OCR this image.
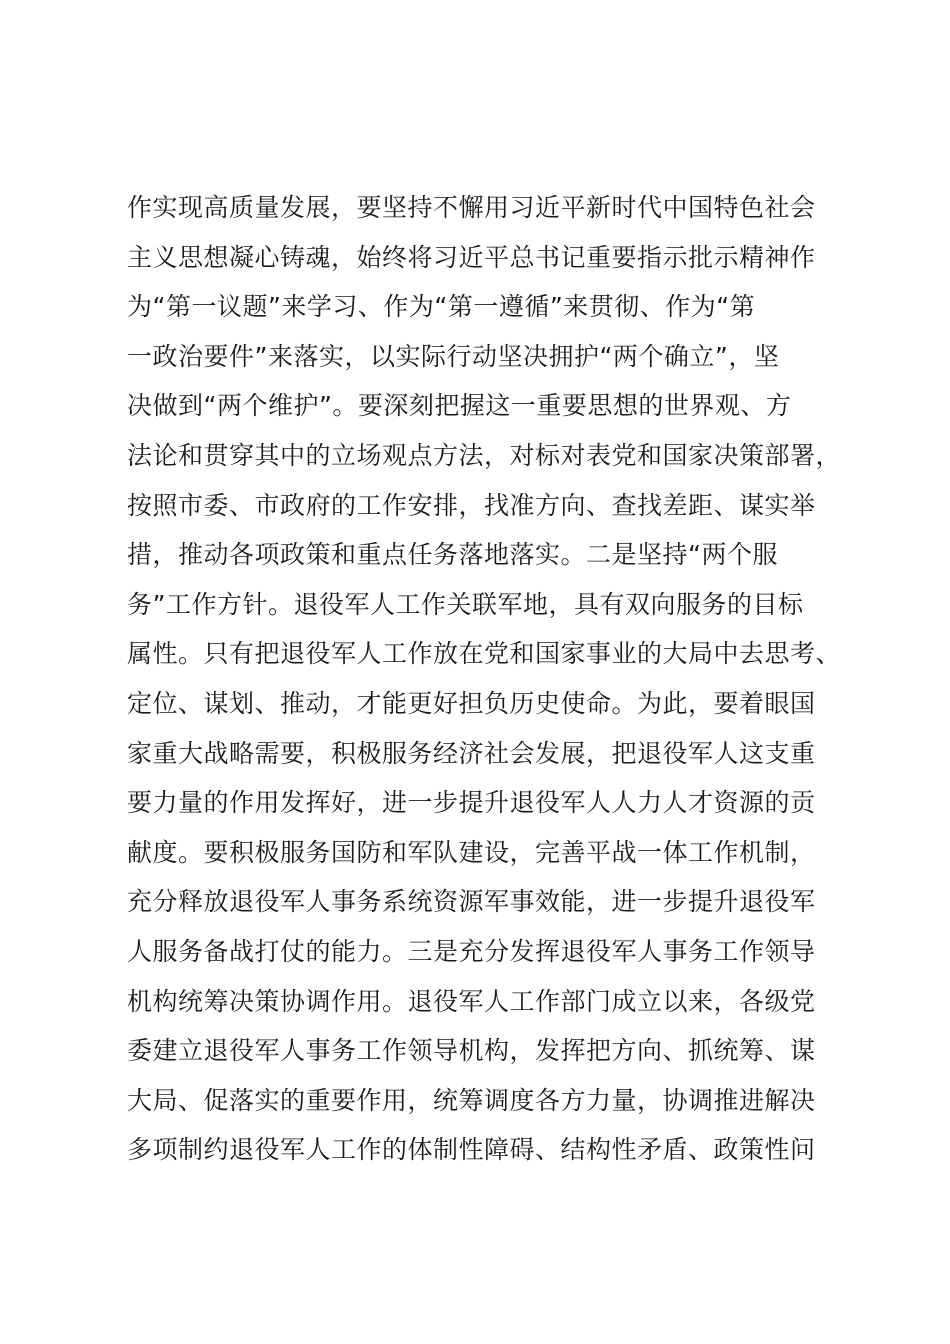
作实现高质量发展，要坚持不懈用习近平新时代中国特色社会
主义思想凝心铸魂，始终将习近平总书记重要指示批示精神作
为“第一议题”来学习、作为“第一遵循”来贯彻、作为“第
一政治要件”来落实，以实际行动坚决拥护“两个确立”，坚
决做到“两个维护”。要深刻把握这一重要思想的世界观、方
法论和贯穿其中的立场观点方法，对标对表党和国家决策部署，
按照市委、市政府的工作安排，找准方向、查找差距、谋实举
措，推动各项政策和重点任务落地落实。二是坚持“两个服
务”工作方针。退役军人工作关联军地，具有双向服务的目标
属性。只有把退役军人工作放在党和国家事业的大局中去思考、
定位、谋划、推动，才能更好担负历史使命。为此，要着眼国
家重大战略需要，积极服务经济社会发展，把退役军人这支重
要力量的作用发挥好，进一步提升退役军人人力人才资源的贡
献度。要积极服务国防和军队建设，完善平战一体工作机制，
充分释放退役军人事务系统资源军事效能，进一步提升退役军
人服务备战打仗的能力。三是充分发挥退役军人事务工作领导
机构统筹决策协调作用。退役军人工作部门成立以来，各级党
委建立退役军人事务工作领导机构，发挥把方向、抓统筹、谋
大局、促落实的重要作用，统筹调度各方力量，协调推进解决
多项制约退役军人工作的体制性障碍、结构性矛盾、政策性问
